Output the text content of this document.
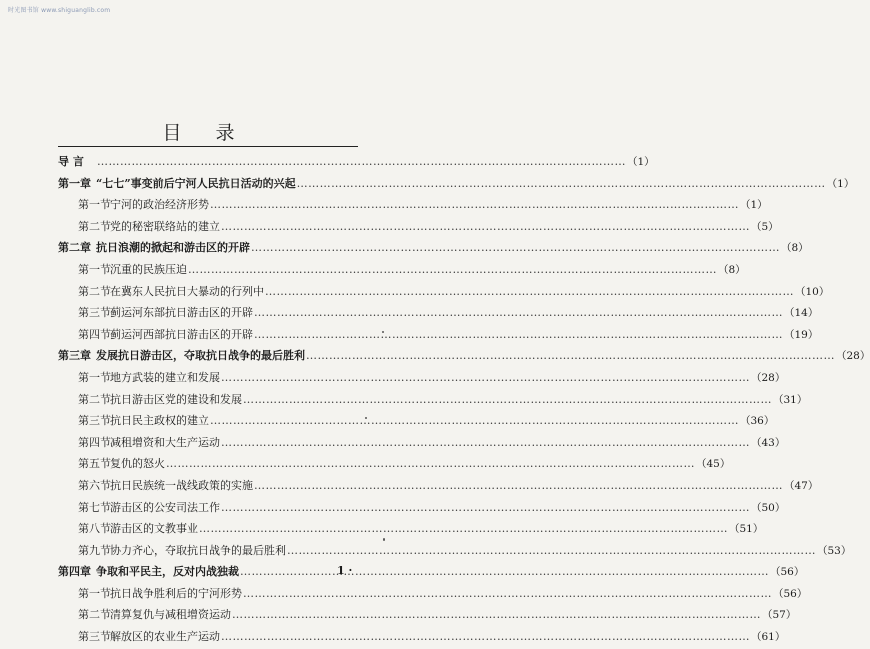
时光图书馆 www.shiguanglib.com
目 录
导 言 …………………………………………………………………………………………………………………………	（1）
第一章 “七七”事变前后宁河人民抗日活动的兴起 …………………………………………………………………………………………………………………………	（1）
第一节 宁河的政治经济形势 …………………………………………………………………………………………………………………………	（1）
第二节 党的秘密联络站的建立 …………………………………………………………………………………………………………………………	（5）
第二章 抗日浪潮的掀起和游击区的开辟 …………………………………………………………………………………………………………………………	（8）
第一节 沉重的民族压迫 …………………………………………………………………………………………………………………………	（8）
第二节 在冀东人民抗日大暴动的行列中 …………………………………………………………………………………………………………………………	（10）
第三节 蓟运河东部抗日游击区的开辟 …………………………………………………………………………………………………………………………	（14）
第四节 蓟运河西部抗日游击区的开辟 …………………………………………………………………………………………………………………………	（19）
第三章 发展抗日游击区，夺取抗日战争的最后胜利 …………………………………………………………………………………………………………………………	（28）
第一节 地方武装的建立和发展 …………………………………………………………………………………………………………………………	（28）
第二节 抗日游击区党的建设和发展 …………………………………………………………………………………………………………………………	（31）
第三节 抗日民主政权的建立 …………………………………………………………………………………………………………………………	（36）
第四节 减租增资和大生产运动 …………………………………………………………………………………………………………………………	（43）
第五节 复仇的怒火 …………………………………………………………………………………………………………………………	（45）
第六节 抗日民族统一战线政策的实施 …………………………………………………………………………………………………………………………	（47）
第七节 游击区的公安司法工作 …………………………………………………………………………………………………………………………	（50）
第八节 游击区的文教事业 …………………………………………………………………………………………………………………………	（51）
第九节 协力齐心，夺取抗日战争的最后胜利 …………………………………………………………………………………………………………………………	（53）
第四章 争取和平民主，反对内战独裁 …………………………………………………………………………………………………………………………	（56）
第一节 抗日战争胜利后的宁河形势 …………………………………………………………………………………………………………………………	（56）
第二节 清算复仇与减租增资运动 …………………………………………………………………………………………………………………………	（57）
第三节 解放区的农业生产运动 …………………………………………………………………………………………………………………………	（61）
1 ·
